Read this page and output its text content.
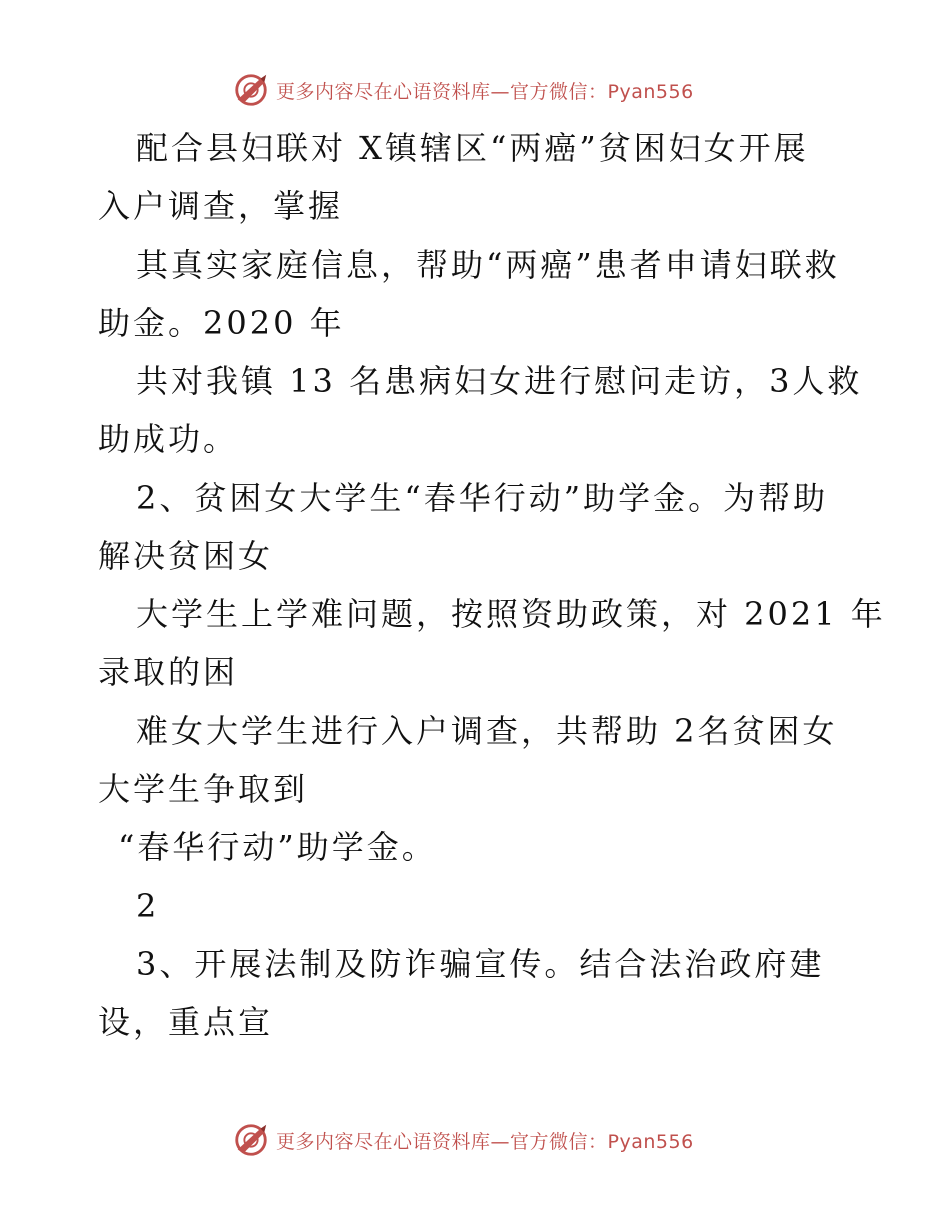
更多内容尽在心语资料库—官方微信：Pyan556
配合县妇联对 X镇辖区“两癌”贫困妇女开展
入户调查，掌握
其真实家庭信息，帮助“两癌”患者申请妇联救
助金。2020 年
共对我镇 13 名患病妇女进行慰问走访，3人救
助成功。
2、贫困女大学生“春华行动”助学金。为帮助
解决贫困女
大学生上学难问题，按照资助政策，对 2021 年
录取的困
难女大学生进行入户调查，共帮助 2名贫困女
大学生争取到
“春华行动”助学金。
2
3、开展法制及防诈骗宣传。结合法治政府建
设，重点宣
更多内容尽在心语资料库—官方微信：Pyan556
